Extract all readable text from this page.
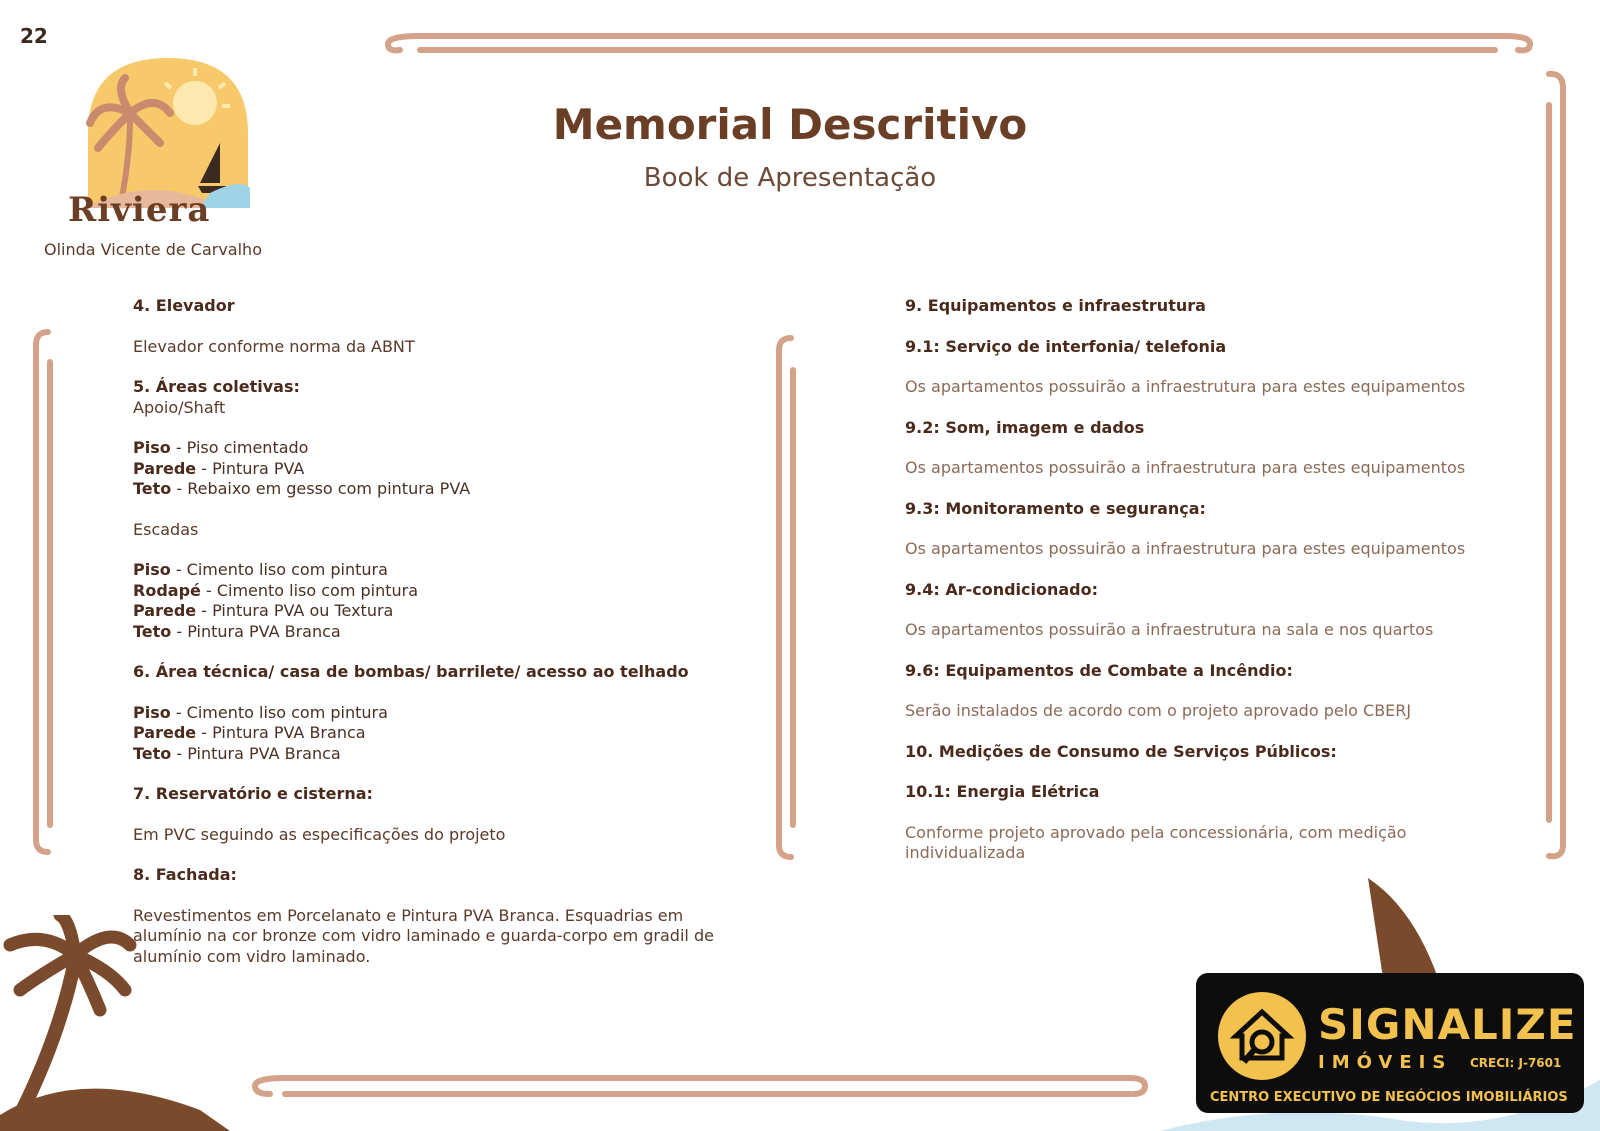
22
Riviera
Olinda Vicente de Carvalho
Memorial Descritivo
Book de Apresentação
4. Elevador
Elevador conforme norma da ABNT
5. Áreas coletivas:
Apoio/Shaft
Piso - Piso cimentado
Parede - Pintura PVA
Teto - Rebaixo em gesso com pintura PVA
Escadas
Piso - Cimento liso com pintura
Rodapé - Cimento liso com pintura
Parede - Pintura PVA ou Textura
Teto - Pintura PVA Branca
6. Área técnica/ casa de bombas/ barrilete/ acesso ao telhado
Piso - Cimento liso com pintura
Parede - Pintura PVA Branca
Teto - Pintura PVA Branca
7. Reservatório e cisterna:
Em PVC seguindo as especificações do projeto
8. Fachada:
Revestimentos em Porcelanato e Pintura PVA Branca. Esquadrias em alumínio na cor bronze com vidro laminado e guarda-corpo em gradil de alumínio com vidro laminado.
9. Equipamentos e infraestrutura
9.1: Serviço de interfonia/ telefonia
Os apartamentos possuirão a infraestrutura para estes equipamentos
9.2: Som, imagem e dados
Os apartamentos possuirão a infraestrutura para estes equipamentos
9.3: Monitoramento e segurança:
Os apartamentos possuirão a infraestrutura para estes equipamentos
9.4: Ar-condicionado:
Os apartamentos possuirão a infraestrutura na sala e nos quartos
9.6: Equipamentos de Combate a Incêndio:
Serão instalados de acordo com o projeto aprovado pelo CBERJ
10. Medições de Consumo de Serviços Públicos:
10.1: Energia Elétrica
Conforme projeto aprovado pela concessionária, com medição individualizada
SIGNALIZE
IMÓVEIS CRECI: J-7601
CENTRO EXECUTIVO DE NEGÓCIOS IMOBILIÁRIOS
